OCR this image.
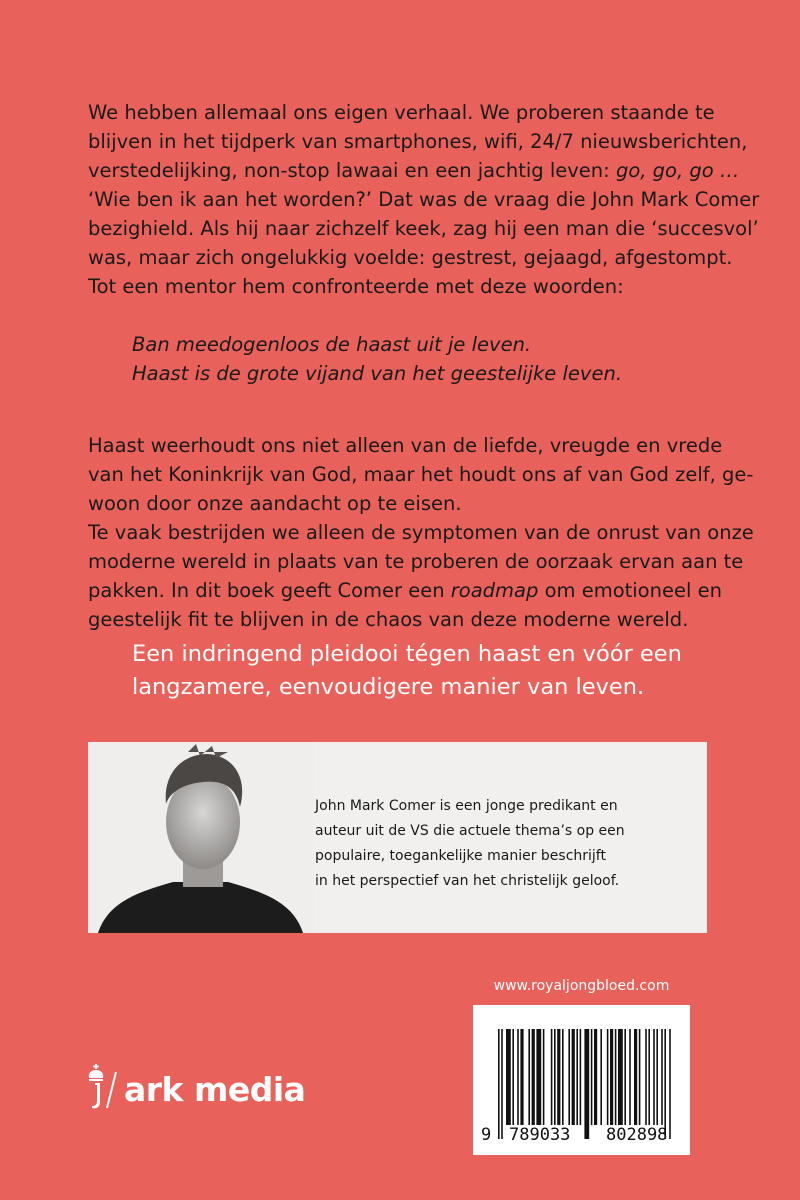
We hebben allemaal ons eigen verhaal. We proberen staande te
blijven in het tijdperk van smartphones, wifi, 24/7 nieuwsberichten,
verstedelijking, non-stop lawaai en een jachtig leven: go, go, go …
‘Wie ben ik aan het worden?’ Dat was de vraag die John Mark Comer
bezighield. Als hij naar zichzelf keek, zag hij een man die ‘succesvol’
was, maar zich ongelukkig voelde: gestrest, gejaagd, afgestompt.
Tot een mentor hem confronteerde met deze woorden:
Ban meedogenloos de haast uit je leven.
Haast is de grote vijand van het geestelijke leven.
Haast weerhoudt ons niet alleen van de liefde, vreugde en vrede
van het Koninkrijk van God, maar het houdt ons af van God zelf, ge-
woon door onze aandacht op te eisen.
Te vaak bestrijden we alleen de symptomen van de onrust van onze
moderne wereld in plaats van te proberen de oorzaak ervan aan te
pakken. In dit boek geeft Comer een roadmap om emotioneel en
geestelijk fit te blijven in de chaos van deze moderne wereld.
Een indringend pleidooi tégen haast en vóór een
langzamere, eenvoudigere manier van leven.
John Mark Comer is een jonge predikant en
auteur uit de VS die actuele thema’s op een
populaire, toegankelijke manier beschrijft
in het perspectief van het christelijk geloof.
www.royaljongbloed.com
9 789033 802898
ark media
